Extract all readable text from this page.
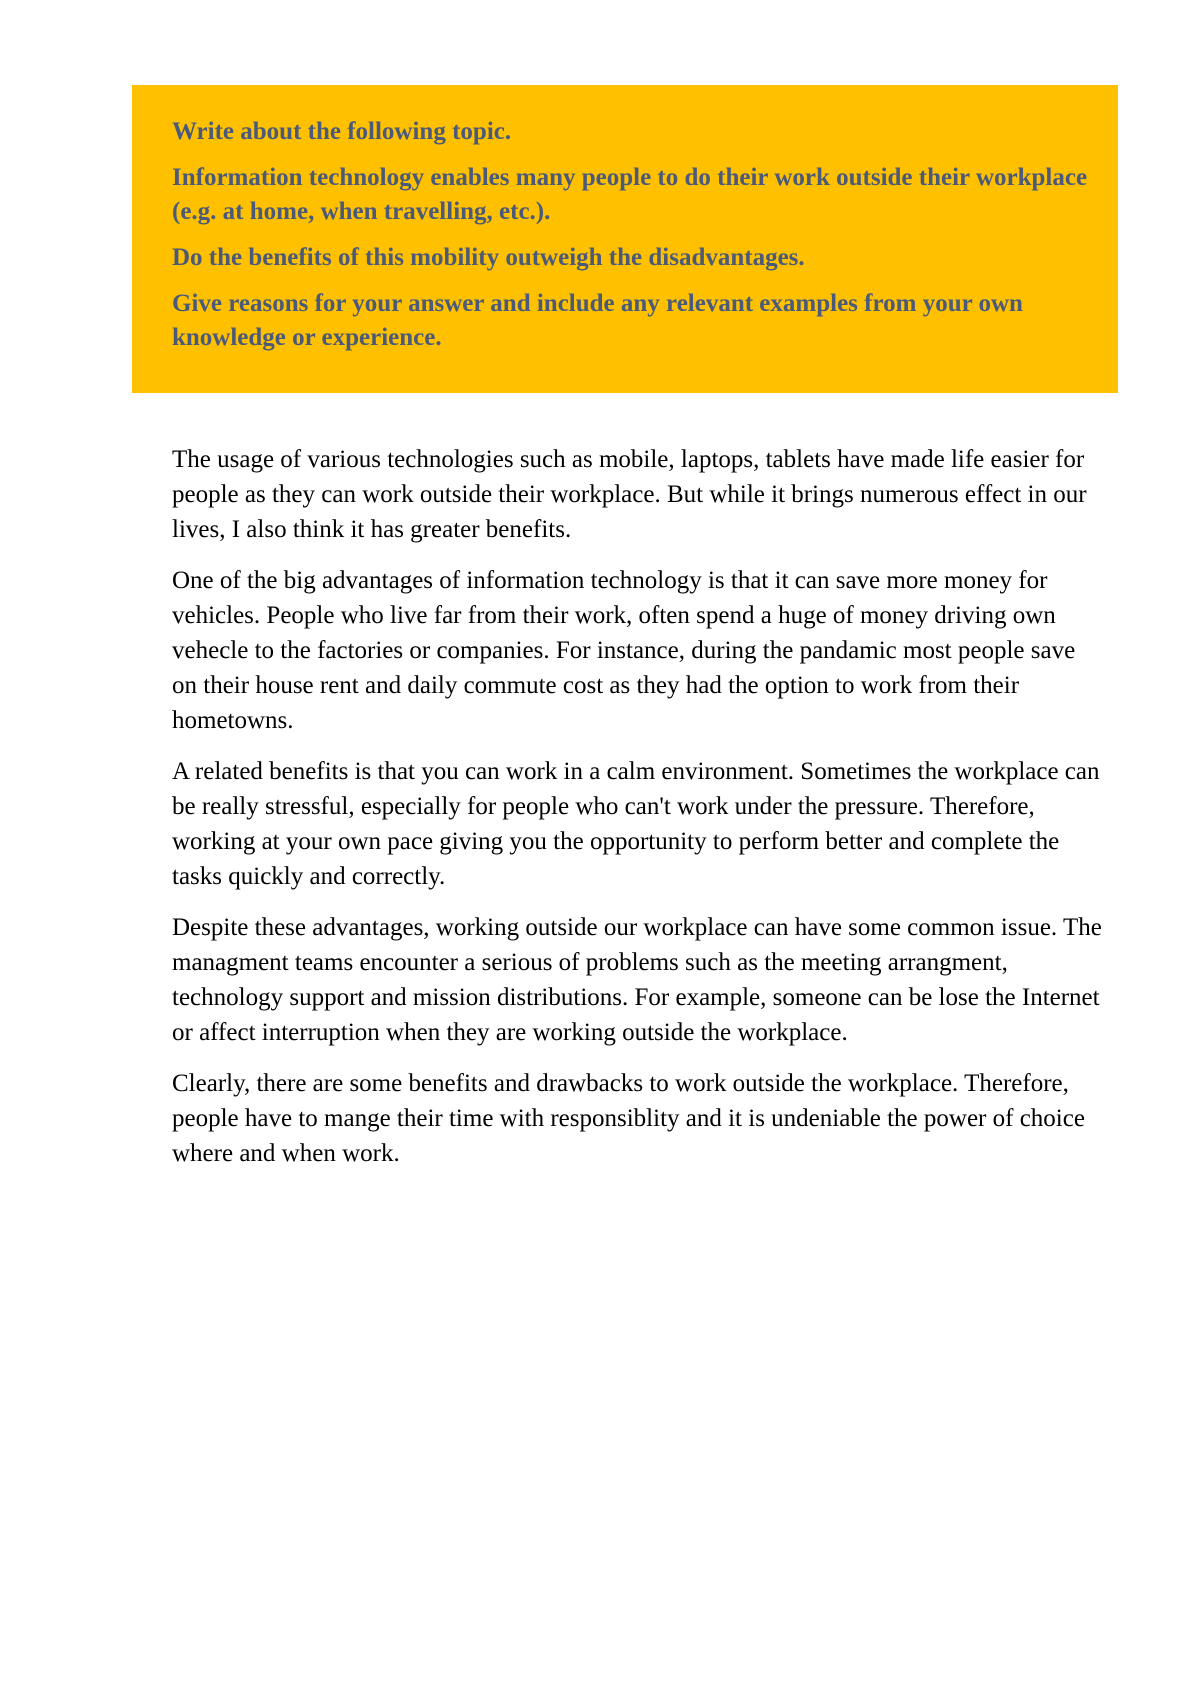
Write about the following topic.

Information technology enables many people to do their work outside their workplace (e.g. at home, when travelling, etc.).

Do the benefits of this mobility outweigh the disadvantages.

Give reasons for your answer and include any relevant examples from your own knowledge or experience.

The usage of various technologies such as mobile, laptops, tablets have made life easier for people as they can work outside their workplace. But while it brings numerous effect in our lives, I also think it has greater benefits.

One of the big advantages of information technology is that it can save more money for vehicles. People who live far from their work, often spend a huge of money driving own vehecle to the factories or companies. For instance, during the pandamic most people save on their house rent and daily commute cost as they had the option to work from their hometowns.

A related benefits is that you can work in a calm environment. Sometimes the workplace can be really stressful, especially for people who can't work under the pressure. Therefore, working at your own pace giving you the opportunity to perform better and complete the tasks quickly and correctly.

Despite these advantages, working outside our workplace can have some common issue. The managment teams encounter a serious of problems such as the meeting arrangment, technology support and mission distributions. For example, someone can be lose the Internet or affect interruption when they are working outside the workplace.

Clearly, there are some benefits and drawbacks to work outside the workplace. Therefore, people have to mange their time with responsiblity and it is undeniable the power of choice where and when work.
